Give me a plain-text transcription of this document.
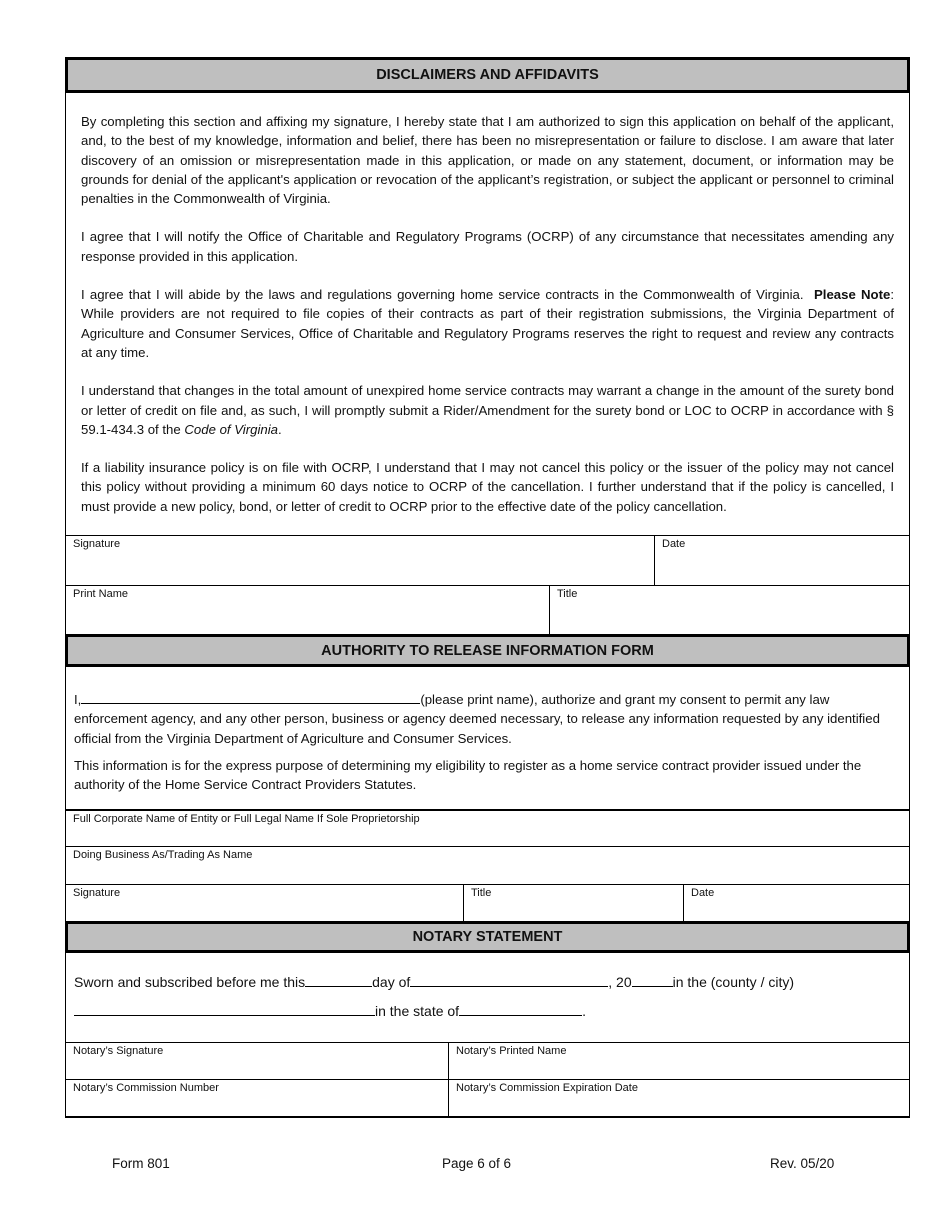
DISCLAIMERS AND AFFIDAVITS

By completing this section and affixing my signature, I hereby state that I am authorized to sign this application on behalf of the applicant, and, to the best of my knowledge, information and belief, there has been no misrepresentation or failure to disclose. I am aware that later discovery of an omission or misrepresentation made in this application, or made on any statement, document, or information may be grounds for denial of the applicant's application or revocation of the applicant’s registration, or subject the applicant or personnel to criminal penalties in the Commonwealth of Virginia.

I agree that I will notify the Office of Charitable and Regulatory Programs (OCRP) of any circumstance that necessitates amending any response provided in this application.

I agree that I will abide by the laws and regulations governing home service contracts in the Commonwealth of Virginia. Please Note: While providers are not required to file copies of their contracts as part of their registration submissions, the Virginia Department of Agriculture and Consumer Services, Office of Charitable and Regulatory Programs reserves the right to request and review any contracts at any time.

I understand that changes in the total amount of unexpired home service contracts may warrant a change in the amount of the surety bond or letter of credit on file and, as such, I will promptly submit a Rider/Amendment for the surety bond or LOC to OCRP in accordance with § 59.1-434.3 of the Code of Virginia.

If a liability insurance policy is on file with OCRP, I understand that I may not cancel this policy or the issuer of the policy may not cancel this policy without providing a minimum 60 days notice to OCRP of the cancellation. I further understand that if the policy is cancelled, I must provide a new policy, bond, or letter of credit to OCRP prior to the effective date of the policy cancellation.

Signature	Date
Print Name	Title
AUTHORITY TO RELEASE INFORMATION FORM

I,	(please print name), authorize and grant my consent to permit any law
enforcement agency, and any other person, business or agency deemed necessary, to release any information requested by any identified official from the Virginia Department of Agriculture and Consumer Services.

This information is for the express purpose of determining my eligibility to register as a home service contract provider issued under the authority of the Home Service Contract Providers Statutes.

Full Corporate Name of Entity or Full Legal Name If Sole Proprietorship
Doing Business As/Trading As Name
Signature	Title	Date
NOTARY STATEMENT
Sworn and subscribed before me this	day of	, 20	in the (county / city)
in the state of	.
Notary’s Signature	Notary’s Printed Name
Notary’s Commission Number	Notary’s Commission Expiration Date
Form 801	Page 6 of 6	Rev. 05/20
